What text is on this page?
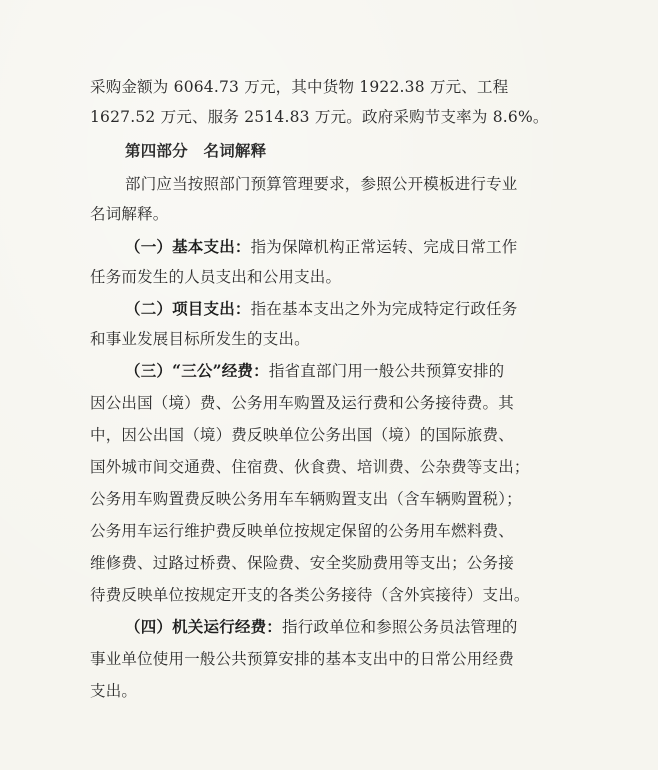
采购金额为 6064.73 万元，其中货物 1922.38 万元、工程
1627.52 万元、服务 2514.83 万元。政府采购节支率为 8.6%。
第四部分　名词解释
部门应当按照部门预算管理要求，参照公开模板进行专业
名词解释。
（一）基本支出：指为保障机构正常运转、完成日常工作
任务而发生的人员支出和公用支出。
（二）项目支出：指在基本支出之外为完成特定行政任务
和事业发展目标所发生的支出。
（三）“三公”经费：指省直部门用一般公共预算安排的
因公出国（境）费、公务用车购置及运行费和公务接待费。其
中，因公出国（境）费反映单位公务出国（境）的国际旅费、
国外城市间交通费、住宿费、伙食费、培训费、公杂费等支出；
公务用车购置费反映公务用车车辆购置支出（含车辆购置税）；
公务用车运行维护费反映单位按规定保留的公务用车燃料费、
维修费、过路过桥费、保险费、安全奖励费用等支出；公务接
待费反映单位按规定开支的各类公务接待（含外宾接待）支出。
（四）机关运行经费：指行政单位和参照公务员法管理的
事业单位使用一般公共预算安排的基本支出中的日常公用经费
支出。
